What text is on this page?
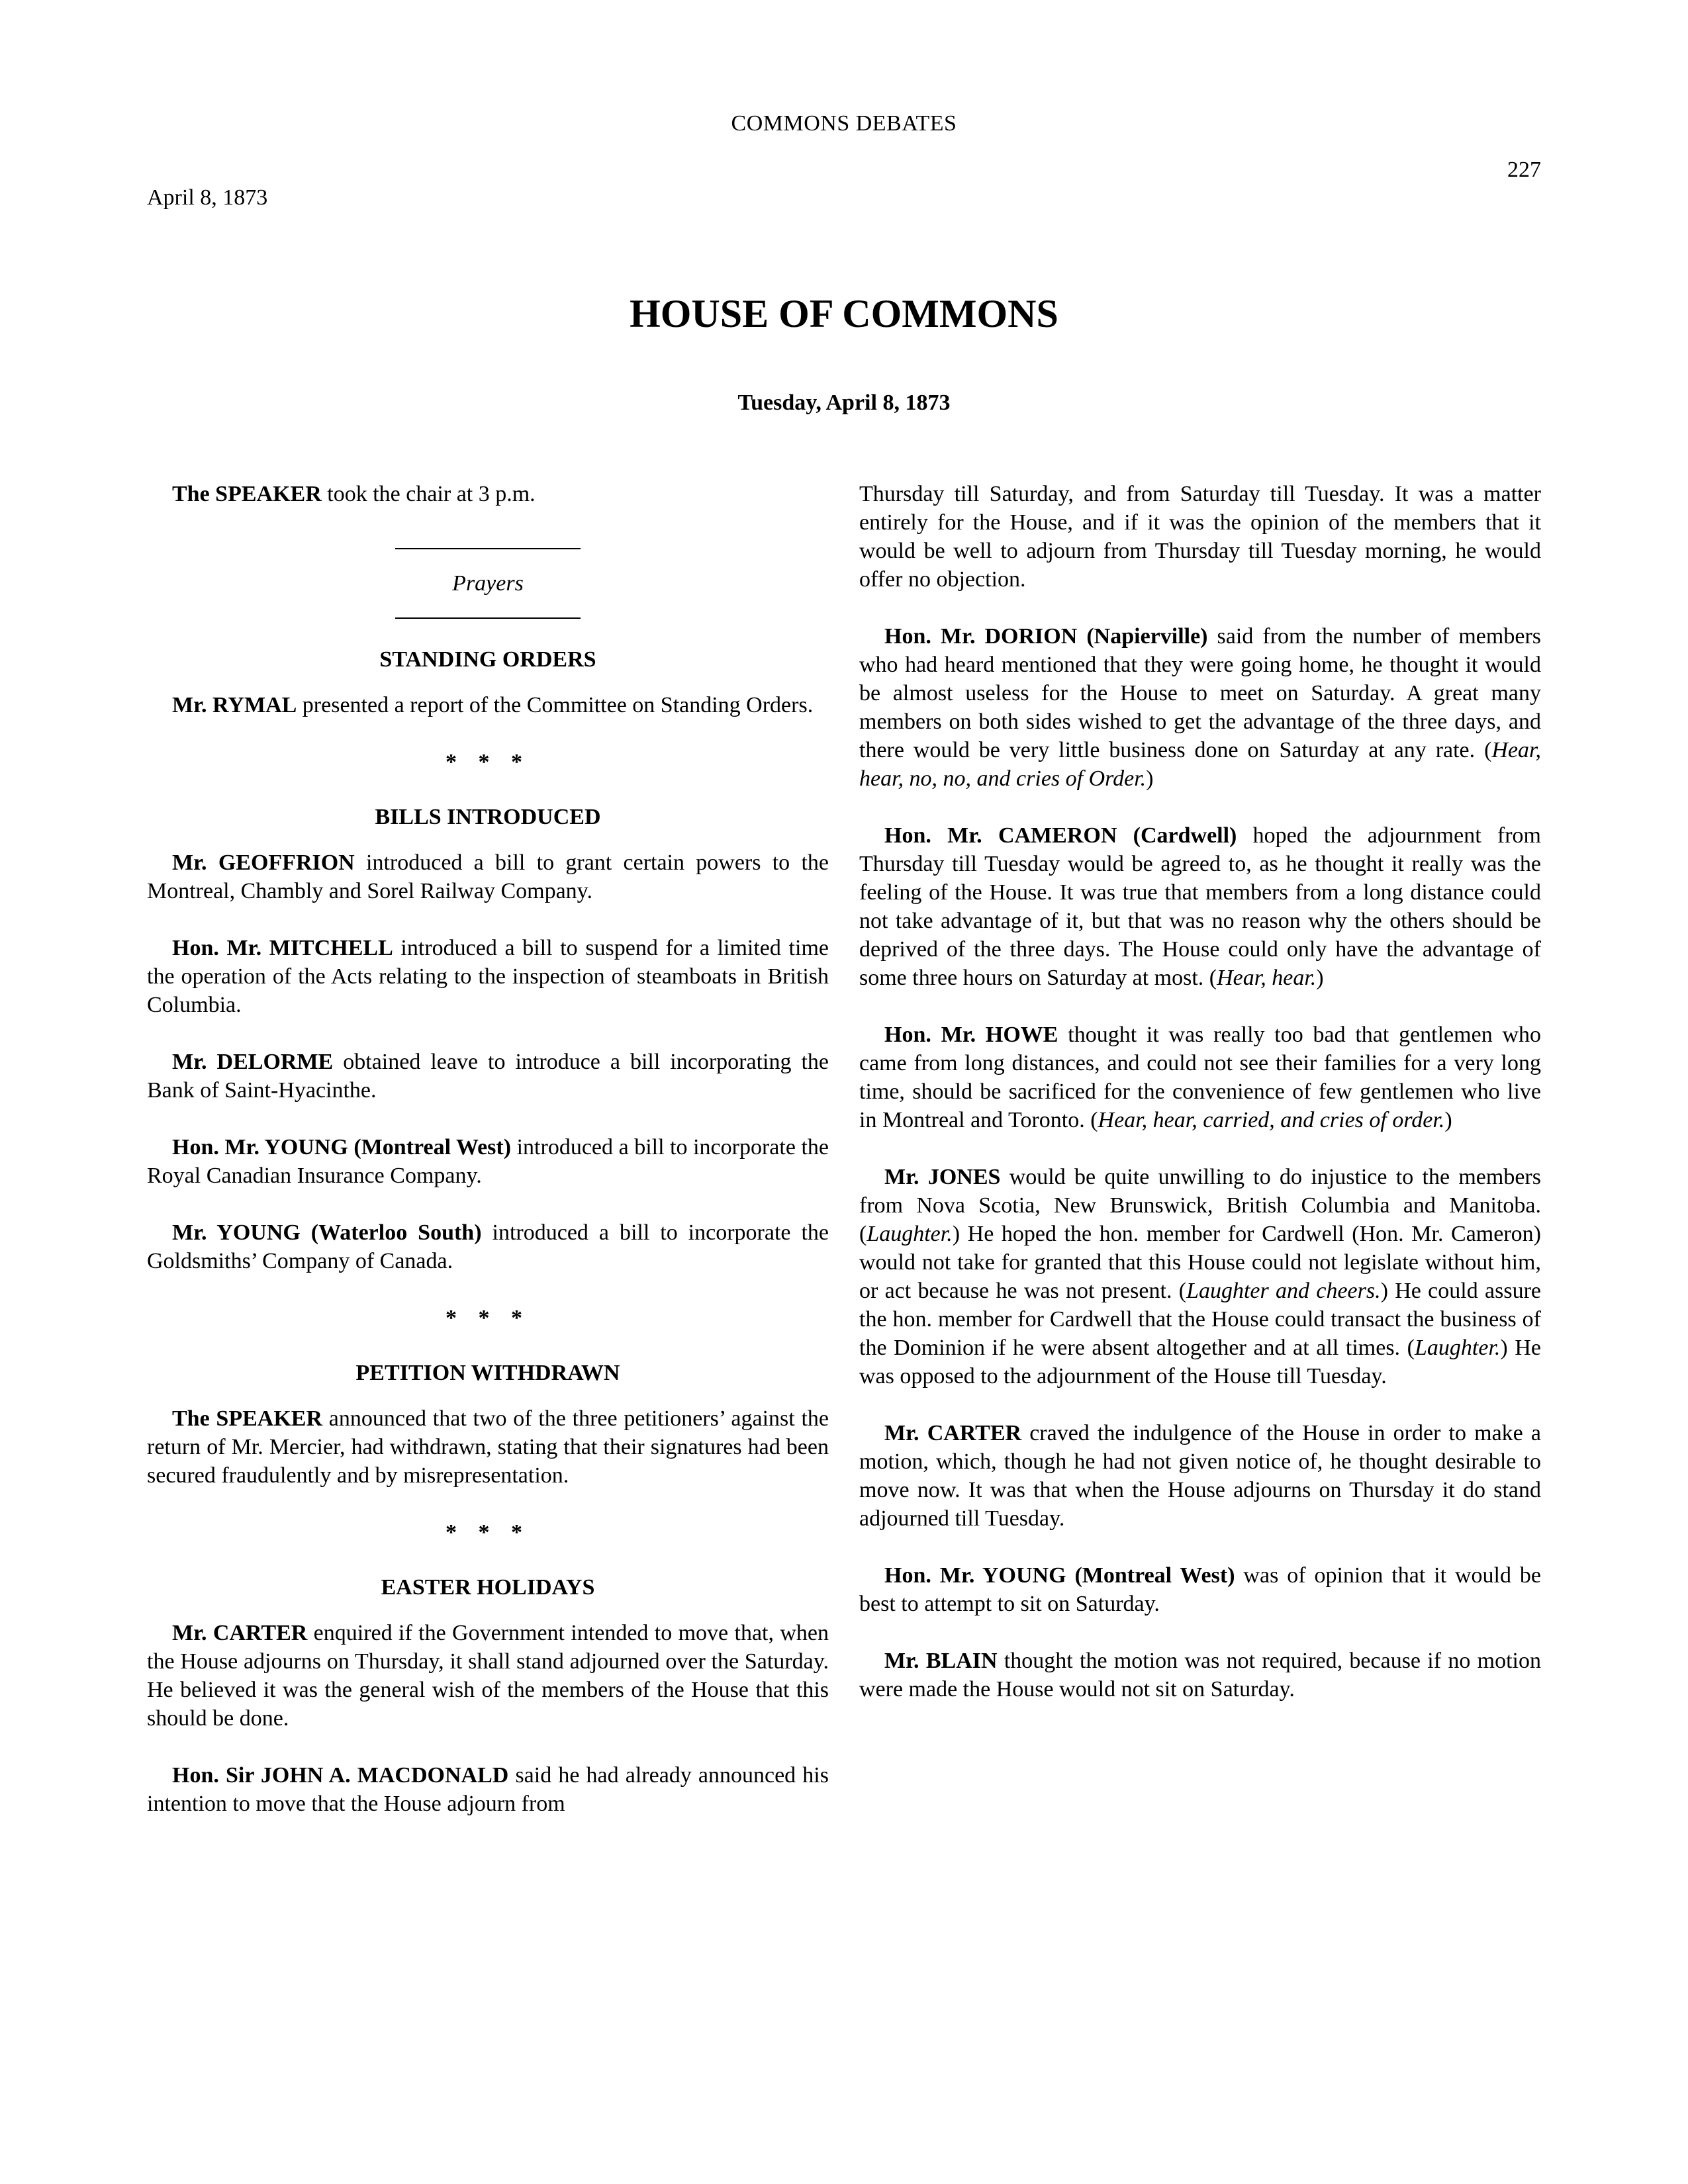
COMMONS DEBATES
227
April 8, 1873
HOUSE OF COMMONS
Tuesday, April 8, 1873

The SPEAKER took the chair at 3 p.m.

Prayers

STANDING ORDERS

Mr. RYMAL presented a report of the Committee on Standing Orders.

* * *

BILLS INTRODUCED

Mr. GEOFFRION introduced a bill to grant certain powers to the Montreal, Chambly and Sorel Railway Company.

Hon. Mr. MITCHELL introduced a bill to suspend for a limited time the operation of the Acts relating to the inspection of steamboats in British Columbia.

Mr. DELORME obtained leave to introduce a bill incorporating the Bank of Saint-Hyacinthe.

Hon. Mr. YOUNG (Montreal West) introduced a bill to incorporate the Royal Canadian Insurance Company.

Mr. YOUNG (Waterloo South) introduced a bill to incorporate the Goldsmiths’ Company of Canada.

* * *

PETITION WITHDRAWN

The SPEAKER announced that two of the three petitioners’ against the return of Mr. Mercier, had withdrawn, stating that their signatures had been secured fraudulently and by misrepresentation.

* * *

EASTER HOLIDAYS

Mr. CARTER enquired if the Government intended to move that, when the House adjourns on Thursday, it shall stand adjourned over the Saturday. He believed it was the general wish of the members of the House that this should be done.

Hon. Sir JOHN A. MACDONALD said he had already announced his intention to move that the House adjourn from

Thursday till Saturday, and from Saturday till Tuesday. It was a matter entirely for the House, and if it was the opinion of the members that it would be well to adjourn from Thursday till Tuesday morning, he would offer no objection.

Hon. Mr. DORION (Napierville) said from the number of members who had heard mentioned that they were going home, he thought it would be almost useless for the House to meet on Saturday. A great many members on both sides wished to get the advantage of the three days, and there would be very little business done on Saturday at any rate. (Hear, hear, no, no, and cries of Order.)

Hon. Mr. CAMERON (Cardwell) hoped the adjournment from Thursday till Tuesday would be agreed to, as he thought it really was the feeling of the House. It was true that members from a long distance could not take advantage of it, but that was no reason why the others should be deprived of the three days. The House could only have the advantage of some three hours on Saturday at most. (Hear, hear.)

Hon. Mr. HOWE thought it was really too bad that gentlemen who came from long distances, and could not see their families for a very long time, should be sacrificed for the convenience of few gentlemen who live in Montreal and Toronto. (Hear, hear, carried, and cries of order.)

Mr. JONES would be quite unwilling to do injustice to the members from Nova Scotia, New Brunswick, British Columbia and Manitoba. (Laughter.) He hoped the hon. member for Cardwell (Hon. Mr. Cameron) would not take for granted that this House could not legislate without him, or act because he was not present. (Laughter and cheers.) He could assure the hon. member for Cardwell that the House could transact the business of the Dominion if he were absent altogether and at all times. (Laughter.) He was opposed to the adjournment of the House till Tuesday.

Mr. CARTER craved the indulgence of the House in order to make a motion, which, though he had not given notice of, he thought desirable to move now. It was that when the House adjourns on Thursday it do stand adjourned till Tuesday.

Hon. Mr. YOUNG (Montreal West) was of opinion that it would be best to attempt to sit on Saturday.

Mr. BLAIN thought the motion was not required, because if no motion were made the House would not sit on Saturday.
